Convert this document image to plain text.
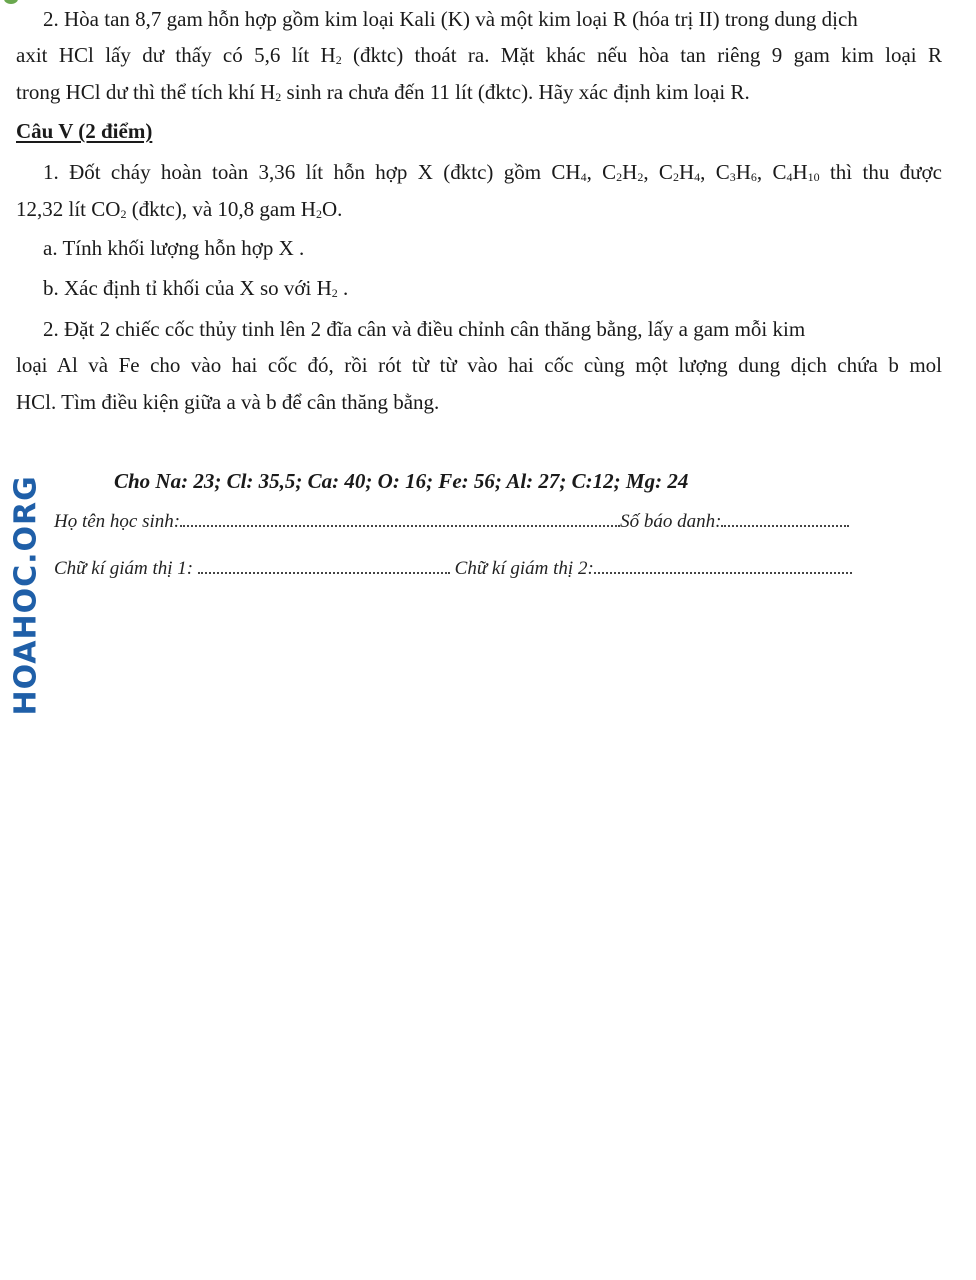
2. Hòa tan 8,7 gam hỗn hợp gồm kim loại Kali (K) và một kim loại R (hóa trị II) trong dung dịch
axit HCl lấy dư thấy có 5,6 lít $H_2$ (đktc) thoát ra. Mặt khác nếu hòa tan riêng 9 gam kim loại R
trong HCl dư thì thể tích khí $H_2$ sinh ra chưa đến 11 lít (đktc). Hãy xác định kim loại R.
Câu V (2 điểm)
1. Đốt cháy hoàn toàn 3,36 lít hỗn hợp X (đktc) gồm $CH_4$, $C_2H_2$, $C_2H_4$, $C_3H_6$, $C_4H_{10}$ thì thu được
12,32 lít $CO_2$ (đktc), và 10,8 gam $H_2O$.
a. Tính khối lượng hỗn hợp X .
b. Xác định tỉ khối của X so với $H_2$ .
2. Đặt 2 chiếc cốc thủy tinh lên 2 đĩa cân và điều chỉnh cân thăng bằng, lấy a gam mỗi kim
loại Al và Fe cho vào hai cốc đó, rồi rót từ từ vào hai cốc cùng một lượng dung dịch chứa b mol
HCl. Tìm điều kiện giữa a và b để cân thăng bằng.
Cho Na: 23; Cl: 35,5; Ca: 40; O: 16; Fe: 56; Al: 27; C:12; Mg: 24
Họ tên học sinh:	Số báo danh:
Chữ kí giám thị 1:	Chữ kí giám thị 2:
HOAHOC.ORG
